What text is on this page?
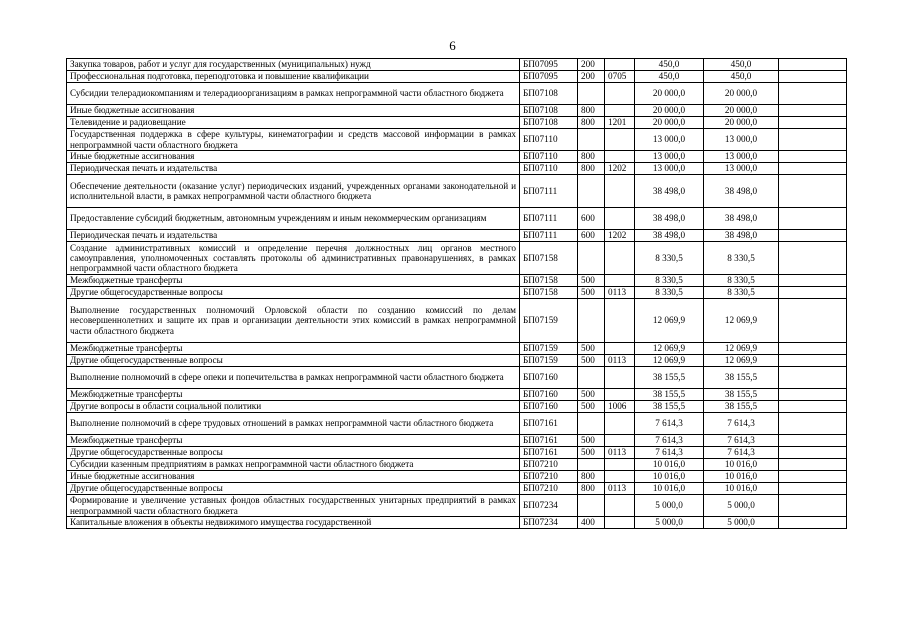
6
Закупка товаров, работ и услуг для государственных (муниципальных) нужд	БП07095	200		450,0	450,0	
Профессиональная подготовка, переподготовка и повышение квалификации	БП07095	200	0705	450,0	450,0	
Субсидии телерадиокомпаниям и телерадиоорганизациям в рамках непрограммной части областного бюджета	БП07108			20 000,0	20 000,0	
Иные бюджетные ассигнования	БП07108	800		20 000,0	20 000,0	
Телевидение и радиовещание	БП07108	800	1201	20 000,0	20 000,0	
Государственная поддержка в сфере культуры, кинематографии и средств массовой информации в рамках непрограммной части областного бюджета	БП07110			13 000,0	13 000,0	
Иные бюджетные ассигнования	БП07110	800		13 000,0	13 000,0	
Периодическая печать и издательства	БП07110	800	1202	13 000,0	13 000,0	
Обеспечение деятельности (оказание услуг) периодических изданий, учрежденных органами законодательной и исполнительной власти, в рамках непрограммной части областного бюджета	БП07111			38 498,0	38 498,0	
Предоставление субсидий бюджетным, автономным учреждениям и иным некоммерческим организациям	БП07111	600		38 498,0	38 498,0	
Периодическая печать и издательства	БП07111	600	1202	38 498,0	38 498,0	
Создание административных комиссий и определение перечня должностных лиц органов местного самоуправления, уполномоченных составлять протоколы об административных правонарушениях, в рамках непрограммной части областного бюджета	БП07158			8 330,5	8 330,5	
Межбюджетные трансферты	БП07158	500		8 330,5	8 330,5	
Другие общегосударственные вопросы	БП07158	500	0113	8 330,5	8 330,5	
Выполнение государственных полномочий Орловской области по созданию комиссий по делам несовершеннолетних и защите их прав и организации деятельности этих комиссий в рамках непрограммной части областного бюджета	БП07159			12 069,9	12 069,9	
Межбюджетные трансферты	БП07159	500		12 069,9	12 069,9	
Другие общегосударственные вопросы	БП07159	500	0113	12 069,9	12 069,9	
Выполнение полномочий в сфере опеки и попечительства в рамках непрограммной части областного бюджета	БП07160			38 155,5	38 155,5	
Межбюджетные трансферты	БП07160	500		38 155,5	38 155,5	
Другие вопросы в области социальной политики	БП07160	500	1006	38 155,5	38 155,5	
Выполнение полномочий в сфере трудовых отношений в рамках непрограммной части областного бюджета	БП07161			7 614,3	7 614,3	
Межбюджетные трансферты	БП07161	500		7 614,3	7 614,3	
Другие общегосударственные вопросы	БП07161	500	0113	7 614,3	7 614,3	
Субсидии казенным предприятиям в рамках непрограммной части областного бюджета	БП07210			10 016,0	10 016,0	
Иные бюджетные ассигнования	БП07210	800		10 016,0	10 016,0	
Другие общегосударственные вопросы	БП07210	800	0113	10 016,0	10 016,0	
Формирование и увеличение уставных фондов областных государственных унитарных предприятий в рамках непрограммной части областного бюджета	БП07234			5 000,0	5 000,0	
Капитальные вложения в объекты недвижимого имущества государственной	БП07234	400		5 000,0	5 000,0	
